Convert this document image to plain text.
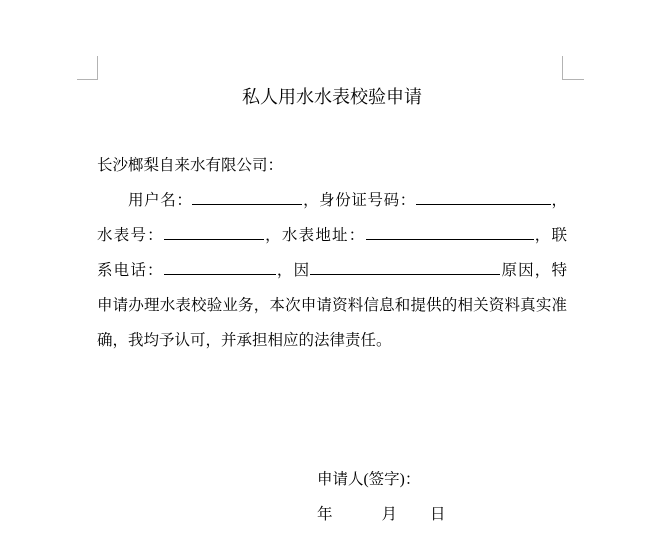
私人用水水表校验申请
长沙榔梨自来水有限公司：
用户名：	，身份证号码：	，
水表号：	，水表地址：	，联
系电话：	，因	原因，特
申请办理水表校验业务，本次申请资料信息和提供的相关资料真实准
确，我均予认可，并承担相应的法律责任。
申请人(签字)：
年	月 日
